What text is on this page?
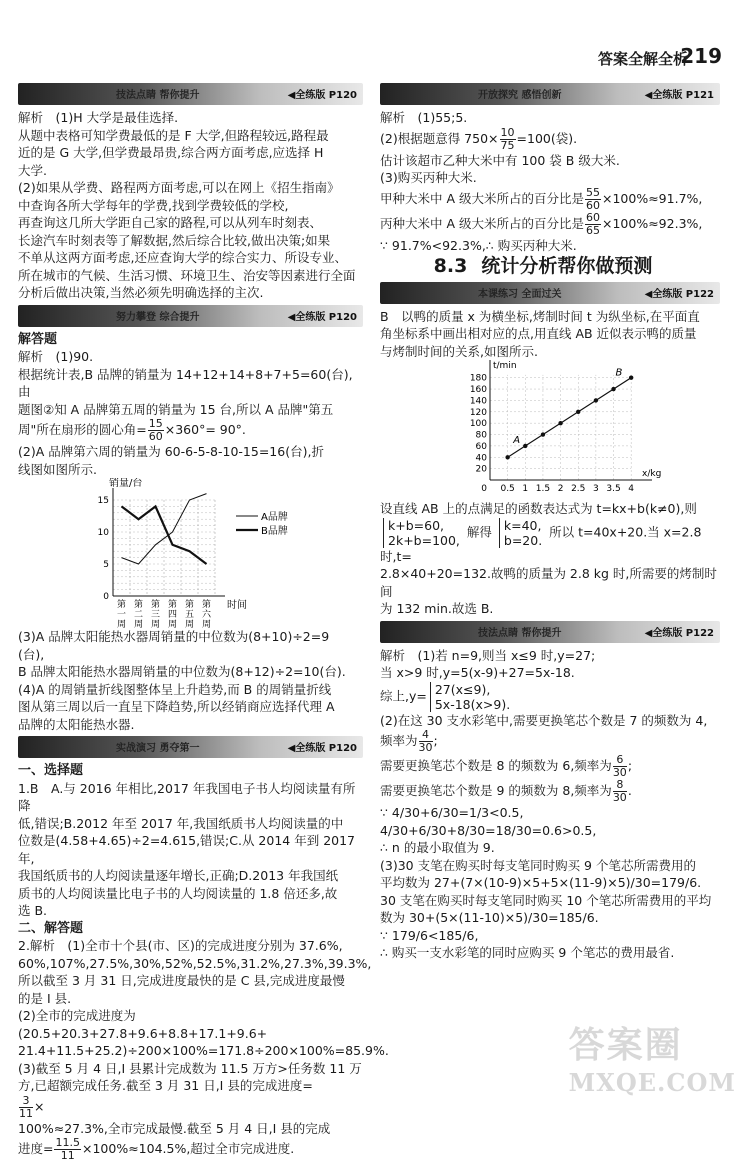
答案全解全析
219
技法点睛 帮你提升	◀全练版 P120

解析　(1)H 大学是最佳选择.

从题中表格可知学费最低的是 F 大学,但路程较远,路程最

近的是 G 大学,但学费最昂贵,综合两方面考虑,应选择 H

大学.

(2)如果从学费、路程两方面考虑,可以在网上《招生指南》

中查询各所大学每年的学费,找到学费较低的学校,

再查询这几所大学距自己家的路程,可以从列车时刻表、

长途汽车时刻表等了解数据,然后综合比较,做出决策;如果

不单从这两方面考虑,还应查询大学的综合实力、所设专业、

所在城市的气候、生活习惯、环境卫生、治安等因素进行全面

分析后做出决策,当然必须先明确选择的主次.

努力攀登 综合提升	◀全练版 P120

解答题

解析　(1)90.

根据统计表,B 品牌的销量为 14+12+14+8+7+5=60(台),由

题图②知 A 品牌第五周的销量为 15 台,所以 A 品牌"第五

周"所在扇形的圆心角= $\frac{15}{60} \times 360^\circ= 90^\circ$.

(2)A 品牌第六周的销量为 60-6-5-8-10-15=16(台),折

线图如图所示.

销量/台
时间
0
5
10
15
第
一
周
第
二
周
第
三
周
第
四
周
第
五
周
第
六
周
A品牌
B品牌

(3)A 品牌太阳能热水器周销量的中位数为(8+10)÷2=9

(台),

B 品牌太阳能热水器周销量的中位数为(8+12)÷2=10(台).

(4)A 的周销量折线图整体呈上升趋势,而 B 的周销量折线

图从第三周以后一直呈下降趋势,所以经销商应选择代理 A

品牌的太阳能热水器.

实战演习 勇夺第一	◀全练版 P120

一、选择题

1.B　A.与 2016 年相比,2017 年我国电子书人均阅读量有所降

低,错误;B.2012 年至 2017 年,我国纸质书人均阅读量的中

位数是(4.58+4.65)÷2=4.615,错误;C.从 2014 年到 2017 年,

我国纸质书的人均阅读量逐年增长,正确;D.2013 年我国纸

质书的人均阅读量比电子书的人均阅读量的 1.8 倍还多,故

选 B.

二、解答题

2.解析　(1)全市十个县(市、区)的完成进度分别为 37.6%,

60%,107%,27.5%,30%,52%,52.5%,31.2%,27.3%,39.3%,

所以截至 3 月 31 日,完成进度最快的是 C 县,完成进度最慢

的是 I 县.

(2)全市的完成进度为(20.5+20.3+27.8+9.6+8.8+17.1+9.6+

21.4+11.5+25.2)÷200×100%=171.8÷200×100%=85.9%.

(3)截至 5 月 4 日,I 县累计完成数为 11.5 万方>任务数 11 万

方,已超额完成任务.截至 3 月 31 日,I 县的完成进度=

$\frac{3}{11}$ ×

100%≈27.3%,全市完成最慢.截至 5 月 4 日,I 县的完成

进度= $\frac{11.5}{11} \times 100\%\approx 104.5\%$,超过全市完成进度.

开放探究 感悟创新	◀全练版 P121

解析　(1)55;5.

(2)根据题意得 $750\times \frac{10}{75} =100$(袋).

估计该超市乙种大米中有 100 袋 B 级大米.

(3)购买丙种大米.

甲种大米中 A 级大米所占的百分比是 $\frac{55}{60} \times 100\%\approx 91.7\%$,

丙种大米中 A 级大米所占的百分比是 $\frac{60}{65} \times 100\%\approx 92.3\%$,

∵ 91.7%<92.3%,∴ 购买丙种大米.

8.3 统计分析帮你做预测
本课练习 全面过关	◀全练版 P122

B　以鸭的质量 x 为横坐标,烤制时间 t 为纵坐标,在平面直

角坐标系中画出相对应的点,用直线 AB 近似表示鸭的质量

与烤制时间的关系,如图所示.

t/min
x/kg
20
40
60
80
100
120
140
160
180
0 0.5 1 1.5 2 2.5 3 3.5 4
A
B

设直线 AB 上的点满足的函数表达式为 t=kx+b(k≠0),则

k+b=60,
2k+b=100,
解得 k=40,
b=20.
所以 t=40x+20.当 x=2.8 时,t=

2.8×40+20=132.故鸭的质量为 2.8 kg 时,所需要的烤制时间

为 132 min.故选 B.

技法点睛 帮你提升	◀全练版 P122

解析　(1)若 n=9,则当 x≤9 时,y=27;

当 x>9 时,y=5(x-9)+27=5x-18.

综上,y= 27(x≤9),
5x-18(x>9).

(2)在这 30 支水彩笔中,需要更换笔芯个数是 7 的频数为 4,

频率为 $\frac{4}{30}$ ;

需要更换笔芯个数是 8 的频数为 6,频率为 $\frac{6}{30}$ ;

需要更换笔芯个数是 9 的频数为 8,频率为 $\frac{8}{30}$ .

∵ 4/30+6/30=1/3<0.5, 4/30+6/30+8/30=18/30=0.6>0.5,

∴ n 的最小取值为 9.

(3)30 支笔在购买时每支笔同时购买 9 个笔芯所需费用的

平均数为 27+(7×(10-9)×5+5×(11-9)×5)/30=179/6.

30 支笔在购买时每支笔同时购买 10 个笔芯所需费用的平均

数为 30+(5×(11-10)×5)/30=185/6.

∵ 179/6<185/6,

∴ 购买一支水彩笔的同时应购买 9 个笔芯的费用最省.

答案圈
MXQE.COM
